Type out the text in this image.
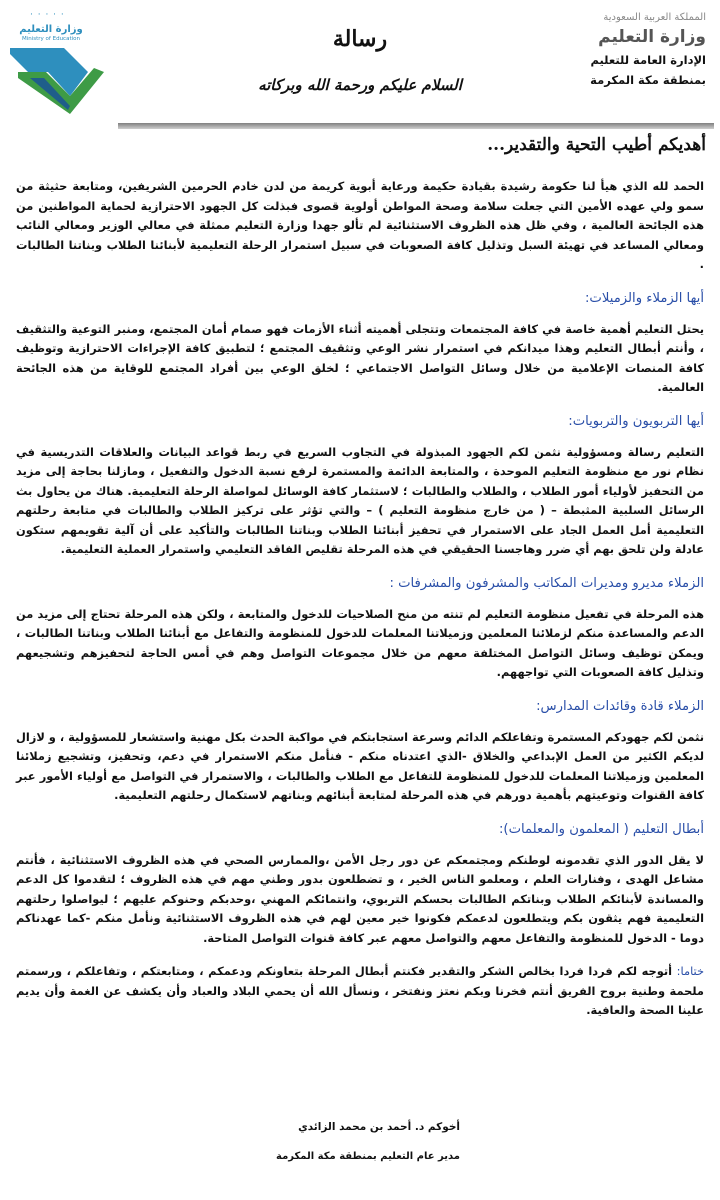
· · · · ·
وزارة التعليم
Ministry of Education	رسالة
السلام عليكم ورحمة الله وبركاته
المملكة العربية السعودية
وزارة التعليم
الإدارة العامة للتعليم
بمنطقة مكة المكرمة

أهديكم أطيب التحية والتقدير...

الحمد لله الذي هيأ لنا حكومة رشيدة بقيادة حكيمة ورعاية أبوية كريمة من لدن خادم الحرمين الشريفين، ومتابعة حثيثة من سمو ولي عهده الأمين التي جعلت سلامة وصحة المواطن أولوية قصوى فبذلت كل الجهود الاحترازية لحماية المواطنين من هذه الجائحة العالمية ، وفي ظل هذه الظروف الاستثنائية لم تألو جهدا وزارة التعليم ممثلة في معالي الوزير ومعالي النائب ومعالي المساعد في تهيئة السبل وتذليل كافة الصعوبات في سبيل استمرار الرحلة التعليمية لأبنائنا الطلاب وبناتنا الطالبات .

أيها الزملاء والزميلات:

يحتل التعليم أهمية خاصة في كافة المجتمعات وتتجلى أهميته أثناء الأزمات فهو صمام أمان المجتمع، ومنبر التوعية والتثقيف ، وأنتم أبطال التعليم وهذا ميدانكم في استمرار نشر الوعي وتثقيف المجتمع ؛ لتطبيق كافة الإجراءات الاحترازية وتوظيف كافة المنصات الإعلامية من خلال وسائل التواصل الاجتماعي ؛ لخلق الوعي بين أفراد المجتمع للوقاية من هذه الجائحة العالمية.

أيها التربويون والتربويات:

التعليم رسالة ومسؤولية نثمن لكم الجهود المبذولة في التجاوب السريع في ربط قواعد البيانات والعلاقات التدريسية في نظام نور مع منظومة التعليم الموحدة ، والمتابعة الدائمة والمستمرة لرفع نسبة الدخول والتفعيل ، ومازلنا بحاجة إلى مزيد من التحفيز لأولياء أمور الطلاب ، والطلاب والطالبات ؛ لاستثمار كافة الوسائل لمواصلة الرحلة التعليمية. هناك من يحاول بث الرسائل السلبية المثبطة – ( من خارج منظومة التعليم ) – والتي تؤثر على تركيز الطلاب والطالبات في متابعة رحلتهم التعليمية أمل العمل الجاد على الاستمرار في تحفيز أبنائنا الطلاب وبناتنا الطالبات والتأكيد على أن آلية تقويمهم ستكون عادلة ولن تلحق بهم أي ضرر وهاجسنا الحقيقي في هذه المرحلة تقليص الفاقد التعليمي واستمرار العملية التعليمية.

الزملاء مديرو ومديرات المكاتب والمشرفون والمشرفات :

هذه المرحلة في تفعيل منظومة التعليم لم تنته من منح الصلاحيات للدخول والمتابعة ، ولكن هذه المرحلة تحتاج إلى مزيد من الدعم والمساعدة منكم لزملائنا المعلمين وزميلاتنا المعلمات للدخول للمنظومة والتفاعل مع أبنائنا الطلاب وبناتنا الطالبات ، ويمكن توظيف وسائل التواصل المختلفة معهم من خلال مجموعات التواصل وهم في أمس الحاجة لتحفيزهم وتشجيعهم وتذليل كافة الصعوبات التي تواجههم.

الزملاء قادة وقائدات المدارس:

نثمن لكم جهودكم المستمرة وتفاعلكم الدائم وسرعة استجابتكم في مواكبة الحدث بكل مهنية واستشعار للمسؤولية ، و لازال لديكم الكثير من العمل الإبداعي والخلاق -الذي اعتدناه منكم - فنأمل منكم الاستمرار في دعم، وتحفيز، وتشجيع زملائنا المعلمين وزميلاتنا المعلمات للدخول للمنظومة للتفاعل مع الطلاب والطالبات ، والاستمرار في التواصل مع أولياء الأمور عبر كافة القنوات وتوعيتهم بأهمية دورهم في هذه المرحلة لمتابعة أبنائهم وبناتهم لاستكمال رحلتهم التعليمية.

أبطال التعليم ( المعلمون والمعلمات):

لا يقل الدور الذي تقدمونه لوطنكم ومجتمعكم عن دور رجل الأمن ،والممارس الصحي في هذه الظروف الاستثنائية ، فأنتم مشاعل الهدى ، وفنارات العلم ، ومعلمو الناس الخير ، و تضطلعون بدور وطني مهم في هذه الظروف ؛ لتقدموا كل الدعم والمساندة لأبنائكم الطلاب وبناتكم الطالبات بحسكم التربوي، وانتمائكم المهني ،وحدبكم وحنوكم عليهم ؛ ليواصلوا رحلتهم التعليمية فهم يثقون بكم ويتطلعون لدعمكم فكونوا خير معين لهم في هذه الظروف الاستثنائية ونأمل منكم -كما عهدناكم دوما - الدخول للمنظومة والتفاعل معهم والتواصل معهم عبر كافة قنوات التواصل المتاحة.

ختاما: أتوجه لكم فردا فردا بخالص الشكر والتقدير فكنتم أبطال المرحلة بتعاونكم ودعمكم ، ومتابعتكم ، وتفاعلكم ، ورسمتم ملحمة وطنية بروح الفريق أنتم فخرنا وبكم نعتز ونفتخر ، ونسأل الله أن يحمي البلاد والعباد وأن يكشف عن الغمة وأن يديم علينا الصحة والعافية.

أخوكم د. أحمد بن محمد الزائدي
مدير عام التعليم بمنطقة مكة المكرمة
